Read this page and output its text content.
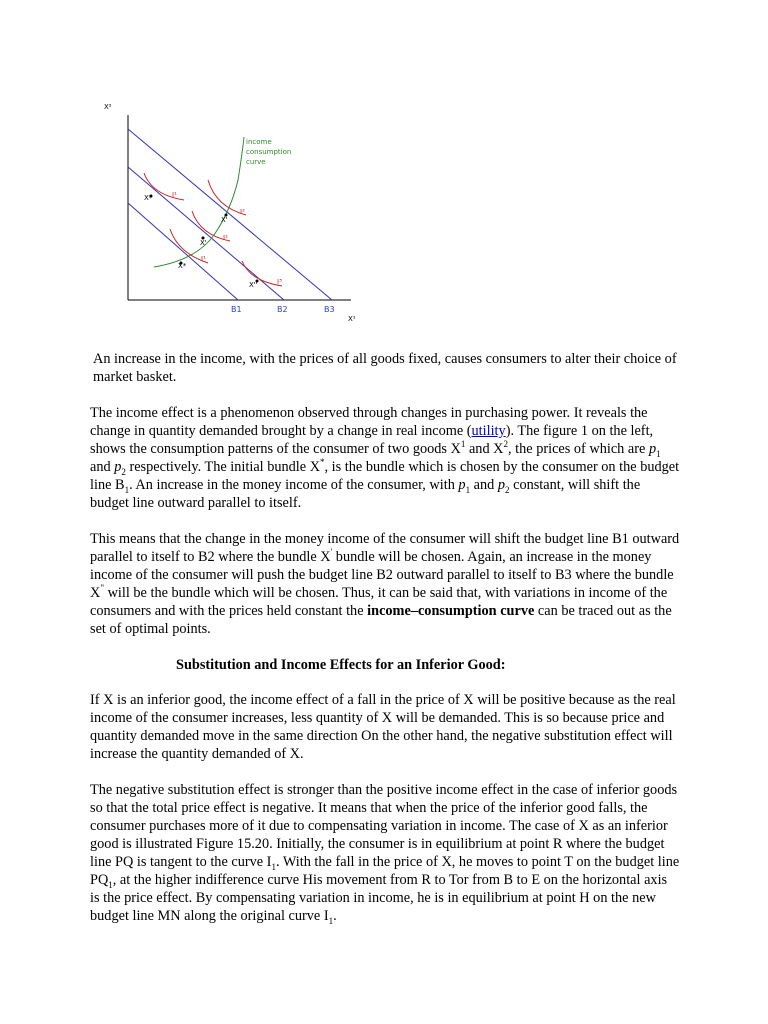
X²
X¹
B1	B2	B3
income
consumption
curve
X*
X'
X''
X'
X*
I¹
I¹
I²
I²
I³

An increase in the income, with the prices of all goods fixed, causes consumers to alter their choice of market basket.

The income effect is a phenomenon observed through changes in purchasing power. It reveals the change in quantity demanded brought by a change in real income (utility). The figure 1 on the left, shows the consumption patterns of the consumer of two goods $X^1$ and $X^2$, the prices of which are $p_1$ and $p_2$ respectively. The initial bundle X*, is the bundle which is chosen by the consumer on the budget line $B_1$. An increase in the money income of the consumer, with $p_1$ and $p_2$ constant, will shift the budget line outward parallel to itself.

This means that the change in the money income of the consumer will shift the budget line B1 outward parallel to itself to B2 where the bundle X' bundle will be chosen. Again, an increase in the money income of the consumer will push the budget line B2 outward parallel to itself to B3 where the bundle X" will be the bundle which will be chosen. Thus, it can be said that, with variations in income of the consumers and with the prices held constant the income–consumption curve can be traced out as the set of optimal points.

Substitution and Income Effects for an Inferior Good:

If X is an inferior good, the income effect of a fall in the price of X will be positive because as the real income of the consumer increases, less quantity of X will be demanded. This is so because price and quantity demanded move in the same direction On the other hand, the negative substitution effect will increase the quantity demanded of X.

The negative substitution effect is stronger than the positive income effect in the case of inferior goods so that the total price effect is negative. It means that when the price of the inferior good falls, the consumer purchases more of it due to compensating variation in income. The case of X as an inferior good is illustrated Figure 15.20. Initially, the consumer is in equilibrium at point R where the budget line PQ is tangent to the curve $I_1$. With the fall in the price of X, he moves to point T on the budget line $PQ_1$, at the higher indifference curve His movement from R to Tor from B to E on the horizontal axis is the price effect. By compensating variation in income, he is in equilibrium at point H on the new budget line MN along the original curve $I_1$.
